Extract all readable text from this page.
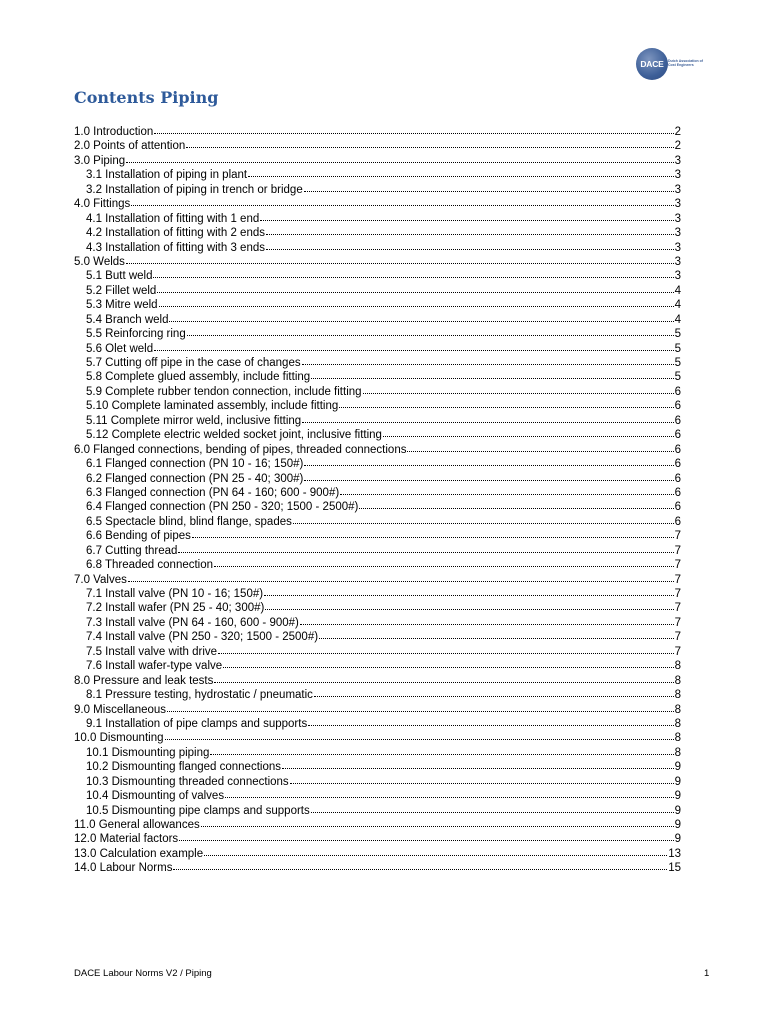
DACE	Dutch Association of
Cost Engineers
Contents Piping
1.0 Introduction	2
2.0 Points of attention	2
3.0 Piping	3
3.1 Installation of piping in plant	3
3.2 Installation of piping in trench or bridge	3
4.0 Fittings	3
4.1 Installation of fitting with 1 end	3
4.2 Installation of fitting with 2 ends	3
4.3 Installation of fitting with 3 ends	3
5.0 Welds	3
5.1 Butt weld	3
5.2 Fillet weld	4
5.3 Mitre weld	4
5.4 Branch weld	4
5.5 Reinforcing ring	5
5.6 Olet weld	5
5.7 Cutting off pipe in the case of changes	5
5.8 Complete glued assembly, include fitting	5
5.9 Complete rubber tendon connection, include fitting	6
5.10 Complete laminated assembly, include fitting	6
5.11 Complete mirror weld, inclusive fitting	6
5.12 Complete electric welded socket joint, inclusive fitting	6
6.0 Flanged connections, bending of pipes, threaded connections	6
6.1 Flanged connection (PN 10 - 16; 150#)	6
6.2 Flanged connection (PN 25 - 40; 300#)	6
6.3 Flanged connection (PN 64 - 160; 600 - 900#)	6
6.4 Flanged connection (PN 250 - 320; 1500 - 2500#)	6
6.5 Spectacle blind, blind flange, spades	6
6.6 Bending of pipes	7
6.7 Cutting thread	7
6.8 Threaded connection	7
7.0 Valves	7
7.1 Install valve (PN 10 - 16; 150#)	7
7.2 Install wafer (PN 25 - 40; 300#)	7
7.3 Install valve (PN 64 - 160, 600 - 900#)	7
7.4 Install valve (PN 250 - 320; 1500 - 2500#)	7
7.5 Install valve with drive	7
7.6 Install wafer-type valve	8
8.0 Pressure and leak tests	8
8.1 Pressure testing, hydrostatic / pneumatic	8
9.0 Miscellaneous	8
9.1 Installation of pipe clamps and supports	8
10.0 Dismounting	8
10.1 Dismounting piping	8
10.2 Dismounting flanged connections	9
10.3 Dismounting threaded connections	9
10.4 Dismounting of valves	9
10.5 Dismounting pipe clamps and supports	9
11.0 General allowances	9
12.0 Material factors	9
13.0 Calculation example	13
14.0 Labour Norms	15
DACE Labour Norms V2 / Piping	1
